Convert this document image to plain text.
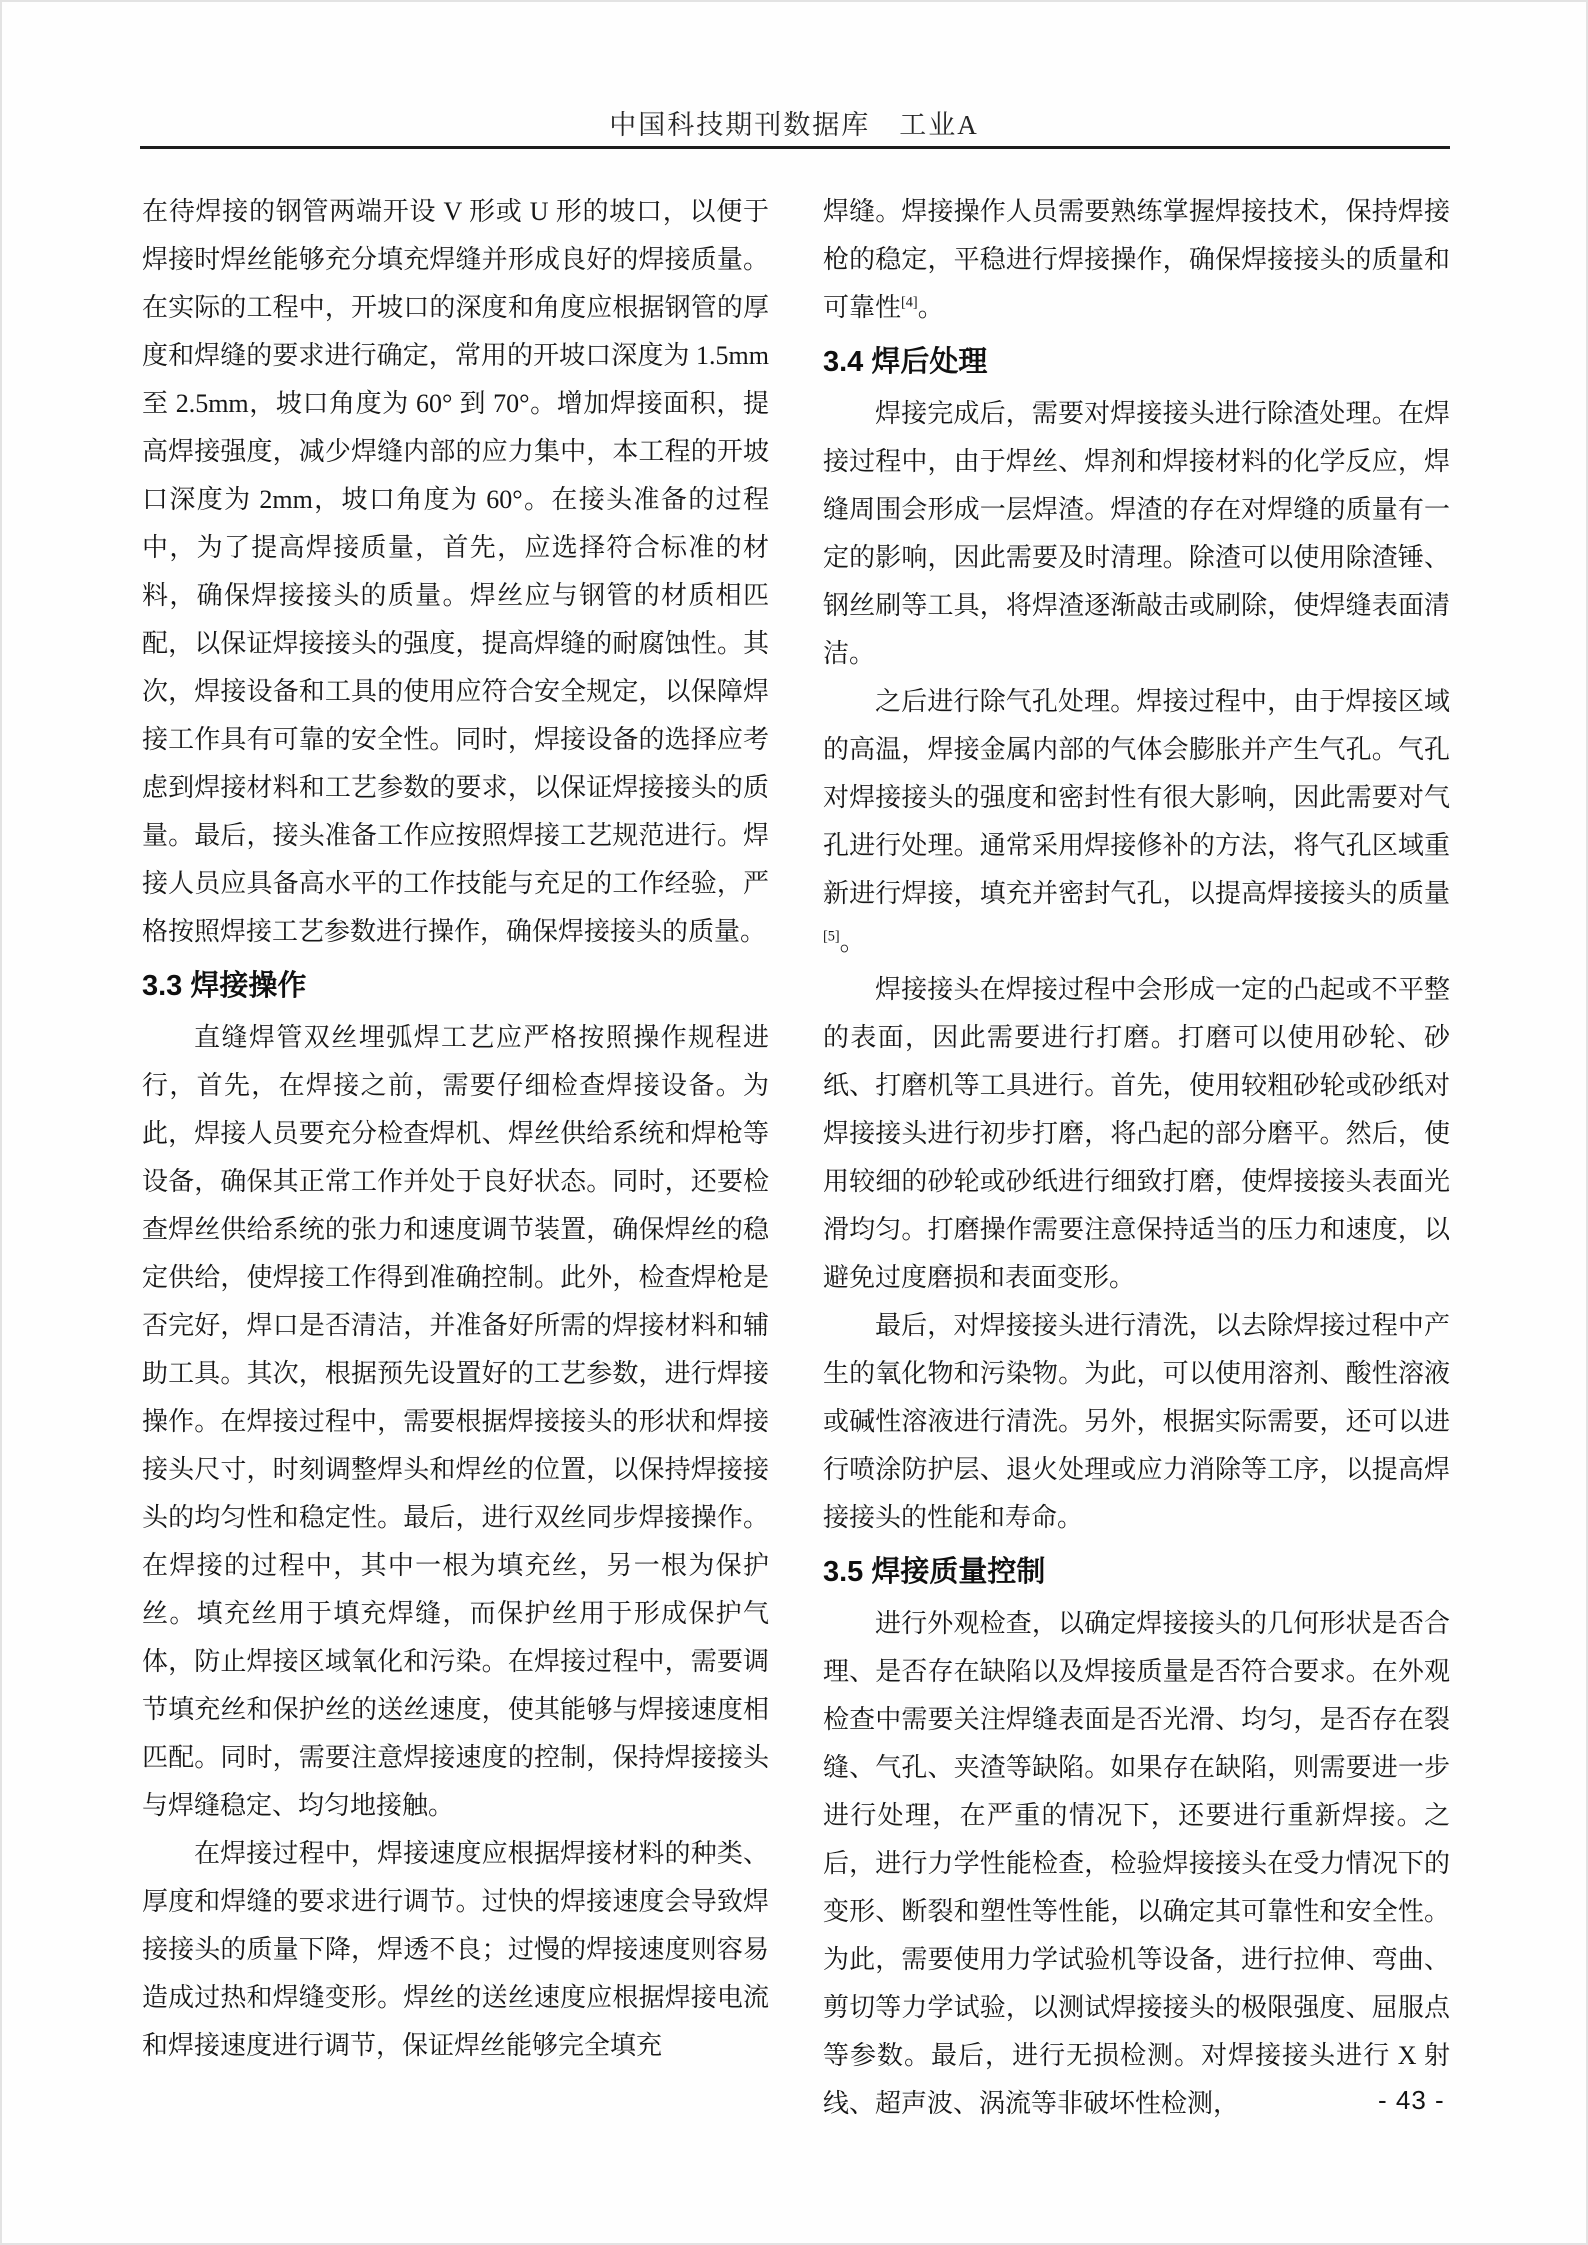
中国科技期刊数据库　工业A

在待焊接的钢管两端开设 V 形或 U 形的坡口，以便于焊接时焊丝能够充分填充焊缝并形成良好的焊接质量。在实际的工程中，开坡口的深度和角度应根据钢管的厚度和焊缝的要求进行确定，常用的开坡口深度为 1.5mm 至 2.5mm，坡口角度为 60° 到 70°。增加焊接面积，提高焊接强度，减少焊缝内部的应力集中，本工程的开坡口深度为 2mm，坡口角度为 60°。在接头准备的过程中，为了提高焊接质量，首先，应选择符合标准的材料，确保焊接接头的质量。焊丝应与钢管的材质相匹配，以保证焊接接头的强度，提高焊缝的耐腐蚀性。其次，焊接设备和工具的使用应符合安全规定，以保障焊接工作具有可靠的安全性。同时，焊接设备的选择应考虑到焊接材料和工艺参数的要求，以保证焊接接头的质量。最后，接头准备工作应按照焊接工艺规范进行。焊接人员应具备高水平的工作技能与充足的工作经验，严格按照焊接工艺参数进行操作，确保焊接接头的质量。

3.3 焊接操作

直缝焊管双丝埋弧焊工艺应严格按照操作规程进行，首先，在焊接之前，需要仔细检查焊接设备。为此，焊接人员要充分检查焊机、焊丝供给系统和焊枪等设备，确保其正常工作并处于良好状态。同时，还要检查焊丝供给系统的张力和速度调节装置，确保焊丝的稳定供给，使焊接工作得到准确控制。此外，检查焊枪是否完好，焊口是否清洁，并准备好所需的焊接材料和辅助工具。其次，根据预先设置好的工艺参数，进行焊接操作。在焊接过程中，需要根据焊接接头的形状和焊接接头尺寸，时刻调整焊头和焊丝的位置，以保持焊接接头的均匀性和稳定性。最后，进行双丝同步焊接操作。在焊接的过程中，其中一根为填充丝，另一根为保护丝。填充丝用于填充焊缝，而保护丝用于形成保护气体，防止焊接区域氧化和污染。在焊接过程中，需要调节填充丝和保护丝的送丝速度，使其能够与焊接速度相匹配。同时，需要注意焊接速度的控制，保持焊接接头与焊缝稳定、均匀地接触。

在焊接过程中，焊接速度应根据焊接材料的种类、厚度和焊缝的要求进行调节。过快的焊接速度会导致焊接接头的质量下降，焊透不良；过慢的焊接速度则容易造成过热和焊缝变形。焊丝的送丝速度应根据焊接电流和焊接速度进行调节，保证焊丝能够完全填充

焊缝。焊接操作人员需要熟练掌握焊接技术，保持焊接枪的稳定，平稳进行焊接操作，确保焊接接头的质量和可靠性[4]。

3.4 焊后处理

焊接完成后，需要对焊接接头进行除渣处理。在焊接过程中，由于焊丝、焊剂和焊接材料的化学反应，焊缝周围会形成一层焊渣。焊渣的存在对焊缝的质量有一定的影响，因此需要及时清理。除渣可以使用除渣锤、钢丝刷等工具，将焊渣逐渐敲击或刷除，使焊缝表面清洁。

之后进行除气孔处理。焊接过程中，由于焊接区域的高温，焊接金属内部的气体会膨胀并产生气孔。气孔对焊接接头的强度和密封性有很大影响，因此需要对气孔进行处理。通常采用焊接修补的方法，将气孔区域重新进行焊接，填充并密封气孔，以提高焊接接头的质量[5]。

焊接接头在焊接过程中会形成一定的凸起或不平整的表面，因此需要进行打磨。打磨可以使用砂轮、砂纸、打磨机等工具进行。首先，使用较粗砂轮或砂纸对焊接接头进行初步打磨，将凸起的部分磨平。然后，使用较细的砂轮或砂纸进行细致打磨，使焊接接头表面光滑均匀。打磨操作需要注意保持适当的压力和速度，以避免过度磨损和表面变形。

最后，对焊接接头进行清洗，以去除焊接过程中产生的氧化物和污染物。为此，可以使用溶剂、酸性溶液或碱性溶液进行清洗。另外，根据实际需要，还可以进行喷涂防护层、退火处理或应力消除等工序，以提高焊接接头的性能和寿命。

3.5 焊接质量控制

进行外观检查，以确定焊接接头的几何形状是否合理、是否存在缺陷以及焊接质量是否符合要求。在外观检查中需要关注焊缝表面是否光滑、均匀，是否存在裂缝、气孔、夹渣等缺陷。如果存在缺陷，则需要进一步进行处理，在严重的情况下，还要进行重新焊接。之后，进行力学性能检查，检验焊接接头在受力情况下的变形、断裂和塑性等性能，以确定其可靠性和安全性。为此，需要使用力学试验机等设备，进行拉伸、弯曲、剪切等力学试验，以测试焊接接头的极限强度、屈服点等参数。最后，进行无损检测。对焊接接头进行 X 射线、超声波、涡流等非破坏性检测，	- 43 -
